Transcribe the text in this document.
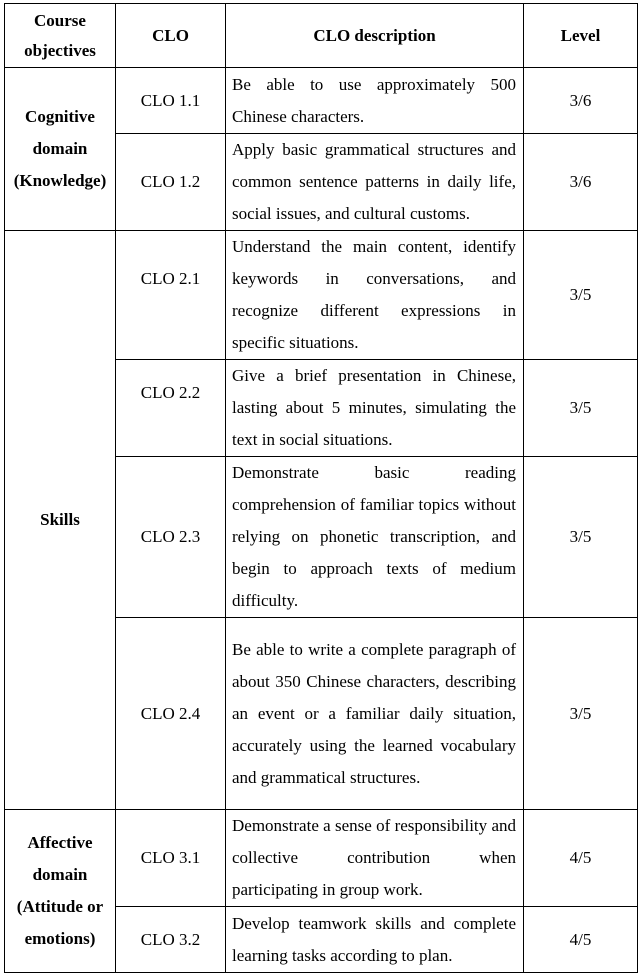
Course objectives	CLO	CLO description	Level
Cognitive domain (Knowledge)	CLO 1.1	Be able to use approximately 500 Chinese characters.	3/6
	CLO 1.2	Apply basic grammatical structures and common sentence patterns in daily life, social issues, and cultural customs.	3/6
Skills	CLO 2.1	Understand the main content, identify keywords in conversations, and recognize different expressions in specific situations.	3/5
	CLO 2.2	Give a brief presentation in Chinese, lasting about 5 minutes, simulating the text in social situations.	3/5
	CLO 2.3	Demonstrate basic reading comprehension of familiar topics without relying on phonetic transcription, and begin to approach texts of medium difficulty.	3/5
	CLO 2.4	Be able to write a complete paragraph of about 350 Chinese characters, describing an event or a familiar daily situation, accurately using the learned vocabulary and grammatical structures.	3/5
Affective domain (Attitude or emotions)	CLO 3.1	Demonstrate a sense of responsibility and collective contribution when participating in group work.	4/5
	CLO 3.2	Develop teamwork skills and complete learning tasks according to plan.	4/5
